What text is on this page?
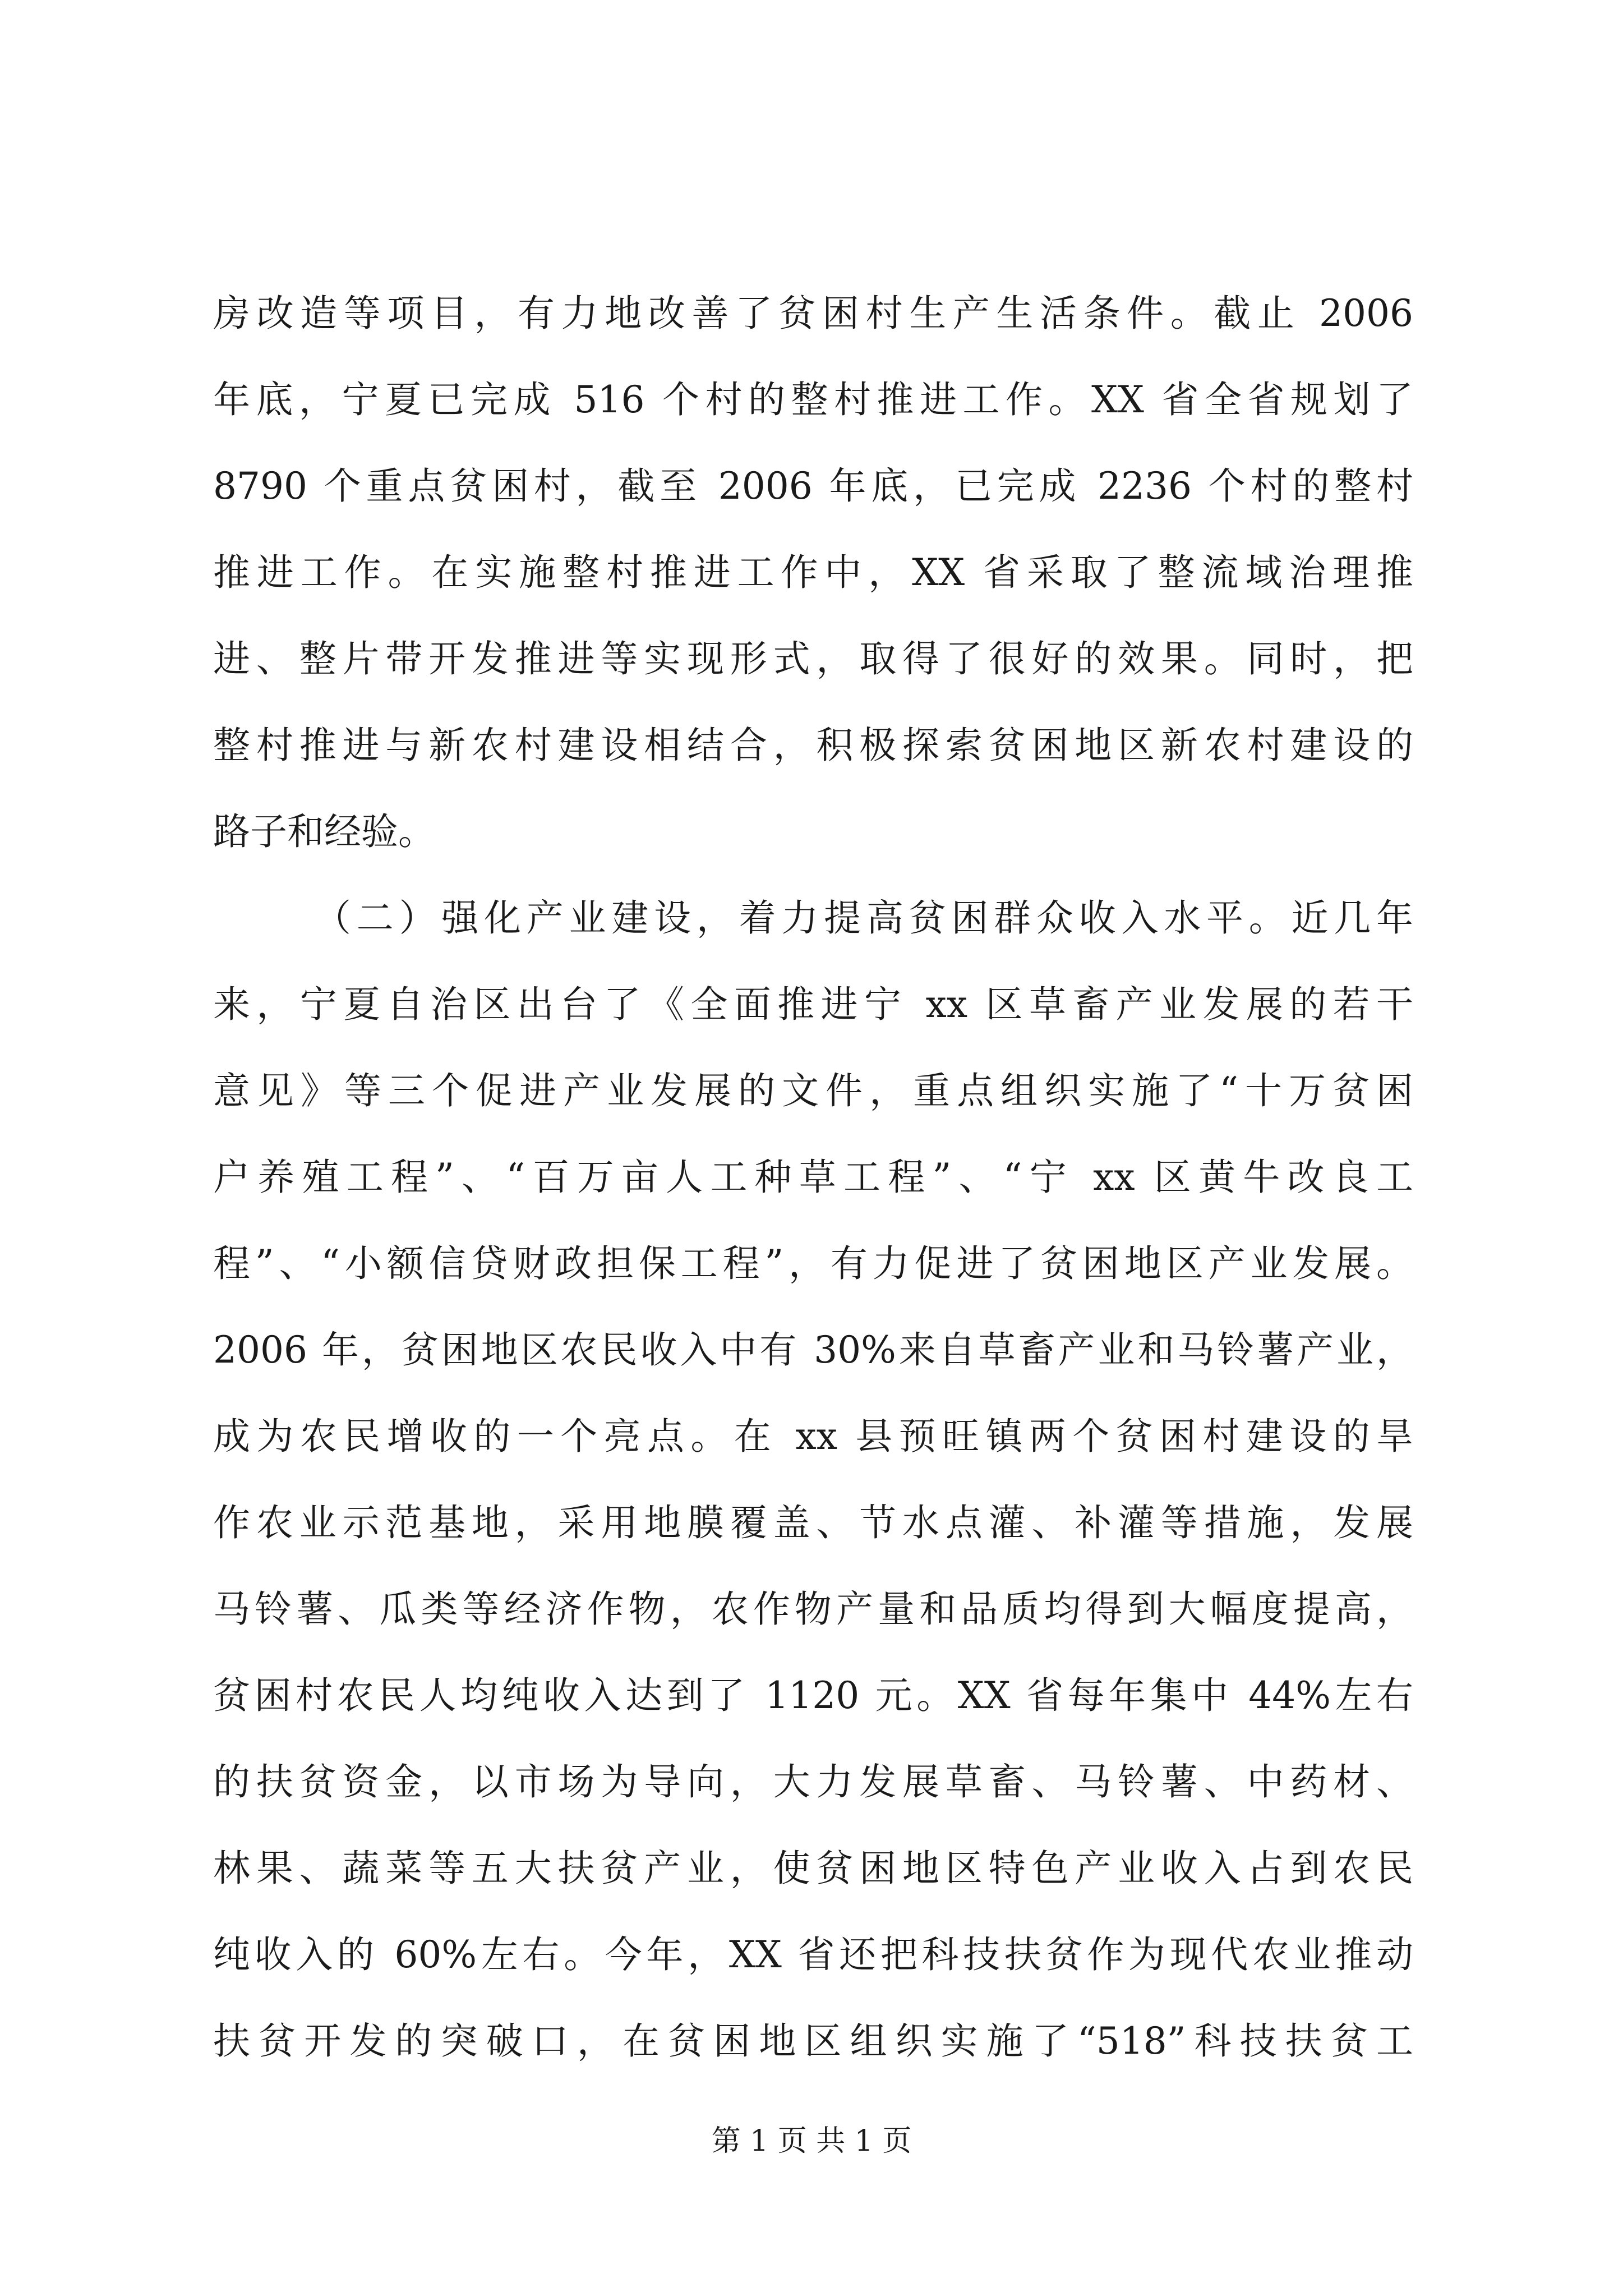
房改造等项目，有力地改善了贫困村生产生活条件。截止 2006
年底，宁夏已完成 516 个村的整村推进工作。XX 省全省规划了
8790 个重点贫困村，截至 2006 年底，已完成 2236 个村的整村
推进工作。在实施整村推进工作中，XX 省采取了整流域治理推
进、整片带开发推进等实现形式，取得了很好的效果。同时，把
整村推进与新农村建设相结合，积极探索贫困地区新农村建设的
路子和经验。
（二）强化产业建设，着力提高贫困群众收入水平。近几年
来，宁夏自治区出台了《全面推进宁 xx 区草畜产业发展的若干
意见》等三个促进产业发展的文件，重点组织实施了“十万贫困
户养殖工程”、“百万亩人工种草工程”、“宁 xx 区黄牛改良工
程”、“小额信贷财政担保工程”，有力促进了贫困地区产业发展。
2006 年，贫困地区农民收入中有 30%来自草畜产业和马铃薯产业，
成为农民增收的一个亮点。在 xx 县预旺镇两个贫困村建设的旱
作农业示范基地，采用地膜覆盖、节水点灌、补灌等措施，发展
马铃薯、瓜类等经济作物，农作物产量和品质均得到大幅度提高，
贫困村农民人均纯收入达到了 1120 元。XX 省每年集中 44%左右
的扶贫资金，以市场为导向，大力发展草畜、马铃薯、中药材、
林果、蔬菜等五大扶贫产业，使贫困地区特色产业收入占到农民
纯收入的 60%左右。今年，XX 省还把科技扶贫作为现代农业推动
扶贫开发的突破口，在贫困地区组织实施了“518”科技扶贫工
第 1 页 共 1 页
